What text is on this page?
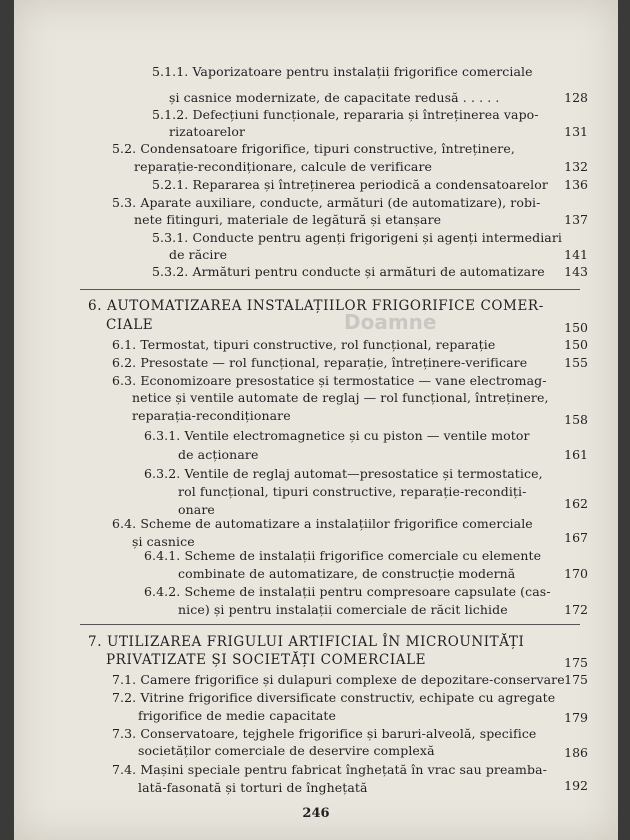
Doamne
5.1.1. Vaporizatoare pentru instalații frigorifice comerciale
și casnice modernizate, de capacitate redusă . . . . .	128
5.1.2. Defecțiuni funcționale, repararia și întreținerea vapo-
rizatoarelor	131
5.2. Condensatoare frigorifice, tipuri constructive, întreținere,
reparație-recondiționare, calcule de verificare	132
5.2.1. Repararea și întreținerea periodică a condensatoarelor	136
5.3. Aparate auxiliare, conducte, armături (de automatizare), robi-
nete fitinguri, materiale de legătură și etanșare	137
5.3.1. Conducte pentru agenți frigorigeni și agenți intermediari
de răcire	141
5.3.2. Armături pentru conducte și armături de automatizare	143
6. AUTOMATIZAREA INSTALAȚIILOR FRIGORIFICE COMER-
CIALE	150
6.1. Termostat, tipuri constructive, rol funcțional, reparație	150
6.2. Presostate — rol funcțional, reparație, întreținere-verificare	155
6.3. Economizoare presostatice și termostatice — vane electromag-
netice și ventile automate de reglaj — rol funcțional, întreținere,
reparația-recondiționare	158
6.3.1. Ventile electromagnetice și cu piston — ventile motor
de acționare	161
6.3.2. Ventile de reglaj automat—presostatice și termostatice,
rol funcțional, tipuri constructive, reparație-recondiți-
onare	162
6.4. Scheme de automatizare a instalațiilor frigorifice comerciale
și casnice	167
6.4.1. Scheme de instalații frigorifice comerciale cu elemente
combinate de automatizare, de construcție modernă	170
6.4.2. Scheme de instalații pentru compresoare capsulate (cas-
nice) și pentru instalații comerciale de răcit lichide	172
7. UTILIZAREA FRIGULUI ARTIFICIAL ÎN MICROUNITĂȚI
PRIVATIZATE ȘI SOCIETĂȚI COMERCIALE	175
7.1. Camere frigorifice și dulapuri complexe de depozitare-conservare 175
7.2. Vitrine frigorifice diversificate constructiv, echipate cu agregate
frigorifice de medie capacitate	179
7.3. Conservatoare, tejghele frigorifice și baruri-alveolă, specifice
societăților comerciale de deservire complexă	186
7.4. Mașini speciale pentru fabricat înghețată în vrac sau preamba-
lată-fasonată și torturi de înghețată	192
246
